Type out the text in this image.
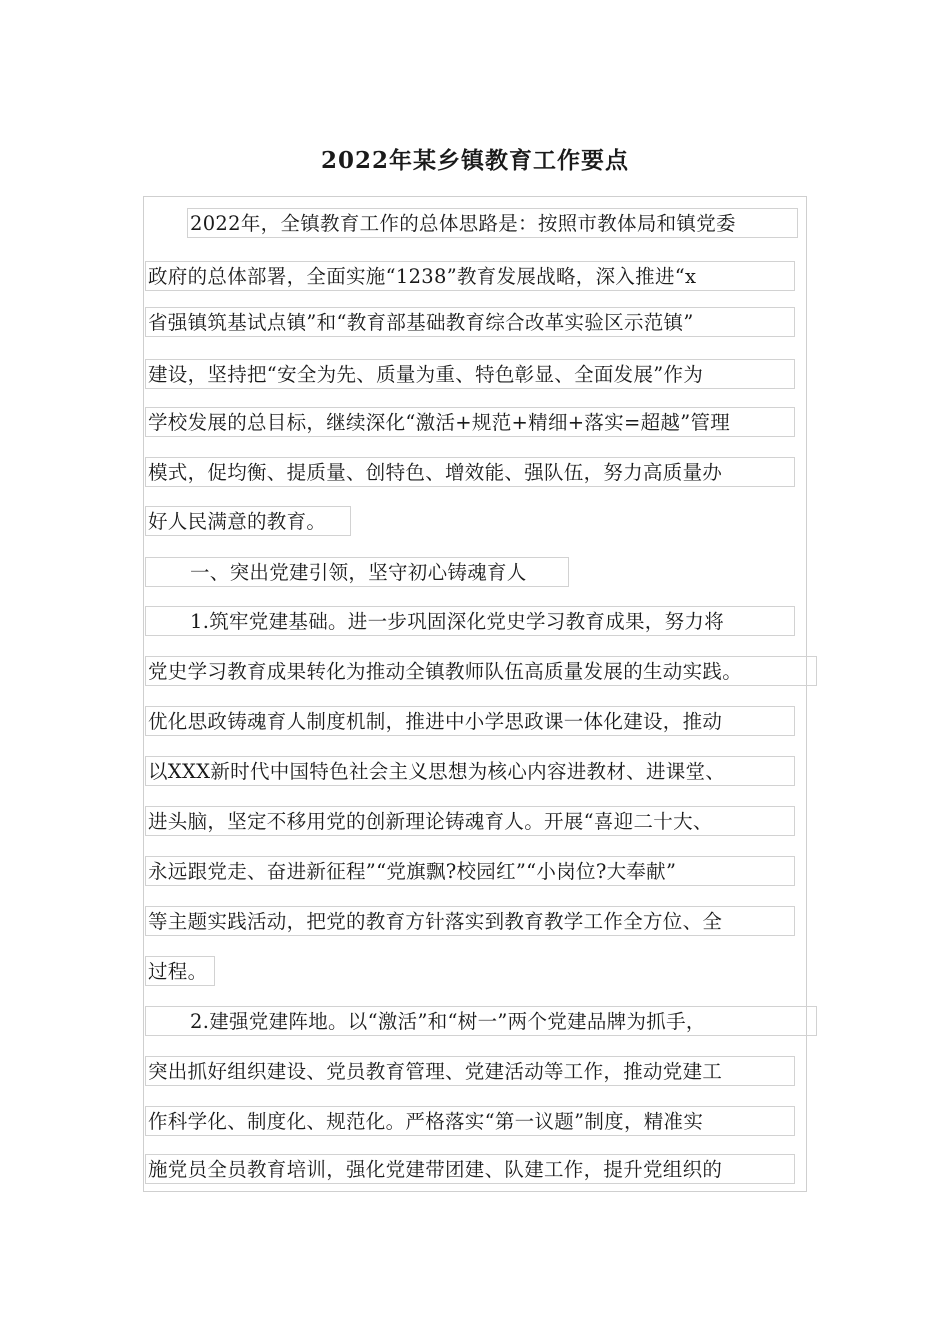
2022年某乡镇教育工作要点
2022年，全镇教育工作的总体思路是：按照市教体局和镇党委
政府的总体部署，全面实施“1238”教育发展战略，深入推进“x
省强镇筑基试点镇”和“教育部基础教育综合改革实验区示范镇”
建设，坚持把“安全为先、质量为重、特色彰显、全面发展”作为
学校发展的总目标，继续深化“激活+规范+精细+落实=超越”管理
模式，促均衡、提质量、创特色、增效能、强队伍，努力高质量办
好人民满意的教育。
一、突出党建引领，坚守初心铸魂育人
1.筑牢党建基础。进一步巩固深化党史学习教育成果，努力将
党史学习教育成果转化为推动全镇教师队伍高质量发展的生动实践。
优化思政铸魂育人制度机制，推进中小学思政课一体化建设，推动
以XXX新时代中国特色社会主义思想为核心内容进教材、进课堂、
进头脑，坚定不移用党的创新理论铸魂育人。开展“喜迎二十大、
永远跟党走、奋进新征程”“党旗飘?校园红”“小岗位?大奉献”
等主题实践活动，把党的教育方针落实到教育教学工作全方位、全
过程。
2.建强党建阵地。以“激活”和“树一”两个党建品牌为抓手，
突出抓好组织建设、党员教育管理、党建活动等工作，推动党建工
作科学化、制度化、规范化。严格落实“第一议题”制度，精准实
施党员全员教育培训，强化党建带团建、队建工作，提升党组织的
